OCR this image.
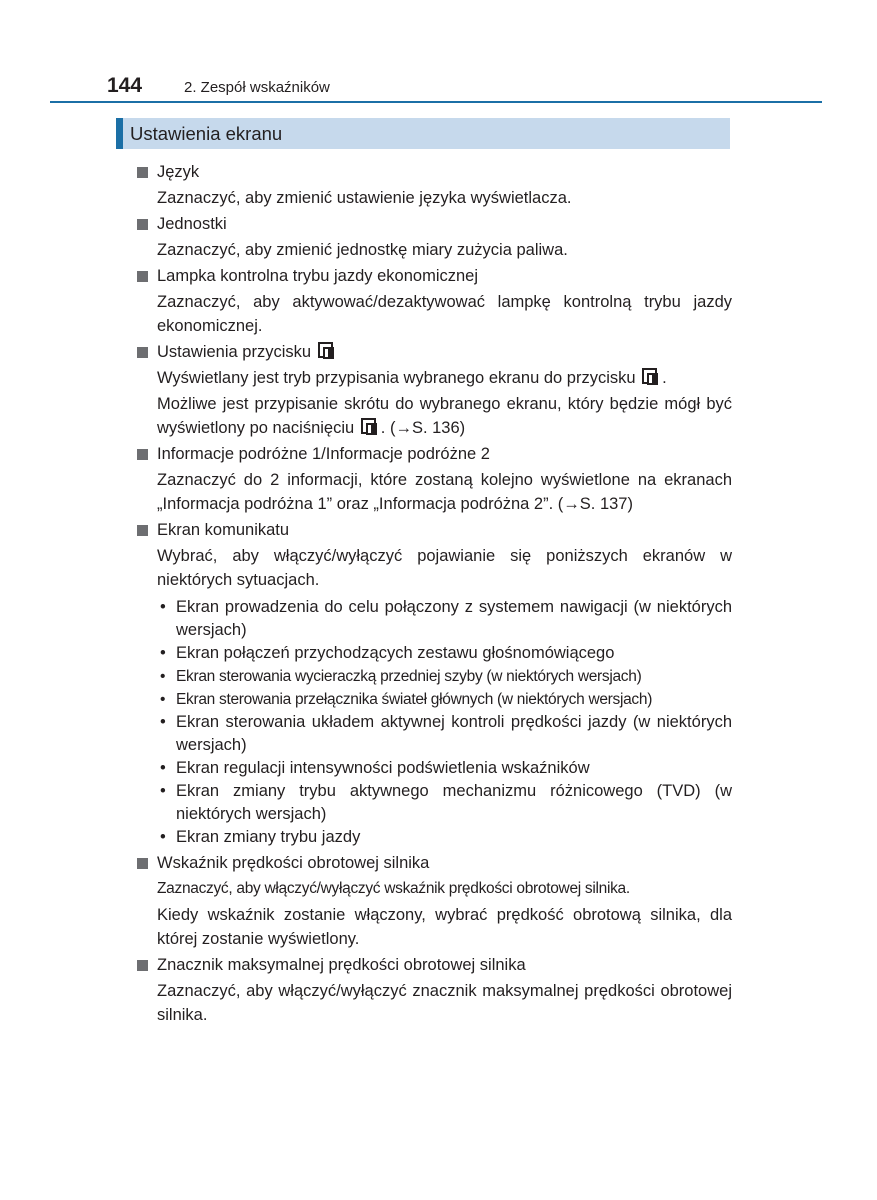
144	2. Zespół wskaźników
Ustawienia ekranu
Język

Zaznaczyć, aby zmienić ustawienie języka wyświetlacza.

Jednostki

Zaznaczyć, aby zmienić jednostkę miary zużycia paliwa.

Lampka kontrolna trybu jazdy ekonomicznej

Zaznaczyć, aby aktywować/dezaktywować lampkę kontrolną trybu jazdy ekonomicznej.

Ustawienia przycisku

Wyświetlany jest tryb przypisania wybranego ekranu do przycisku .

Możliwe jest przypisanie skrótu do wybranego ekranu, który będzie mógł być wyświetlony po naciśnięciu . (→S. 136)

Informacje podróżne 1/Informacje podróżne 2

Zaznaczyć do 2 informacji, które zostaną kolejno wyświetlone na ekranach „Informacja podróżna 1” oraz „Informacja podróżna 2”. (→S. 137)

Ekran komunikatu

Wybrać, aby włączyć/wyłączyć pojawianie się poniższych ekranów w niektórych sytuacjach.

• Ekran prowadzenia do celu połączony z systemem nawigacji (w niektórych wersjach)
• Ekran połączeń przychodzących zestawu głośnomówiącego
• Ekran sterowania wycieraczką przedniej szyby (w niektórych wersjach)
• Ekran sterowania przełącznika świateł głównych (w niektórych wersjach)
• Ekran sterowania układem aktywnej kontroli prędkości jazdy (w niektórych wersjach)
• Ekran regulacji intensywności podświetlenia wskaźników
• Ekran zmiany trybu aktywnego mechanizmu różnicowego (TVD) (w niektórych wersjach)
• Ekran zmiany trybu jazdy
Wskaźnik prędkości obrotowej silnika

Zaznaczyć, aby włączyć/wyłączyć wskaźnik prędkości obrotowej silnika.

Kiedy wskaźnik zostanie włączony, wybrać prędkość obrotową silnika, dla której zostanie wyświetlony.

Znacznik maksymalnej prędkości obrotowej silnika

Zaznaczyć, aby włączyć/wyłączyć znacznik maksymalnej prędkości obrotowej silnika.
